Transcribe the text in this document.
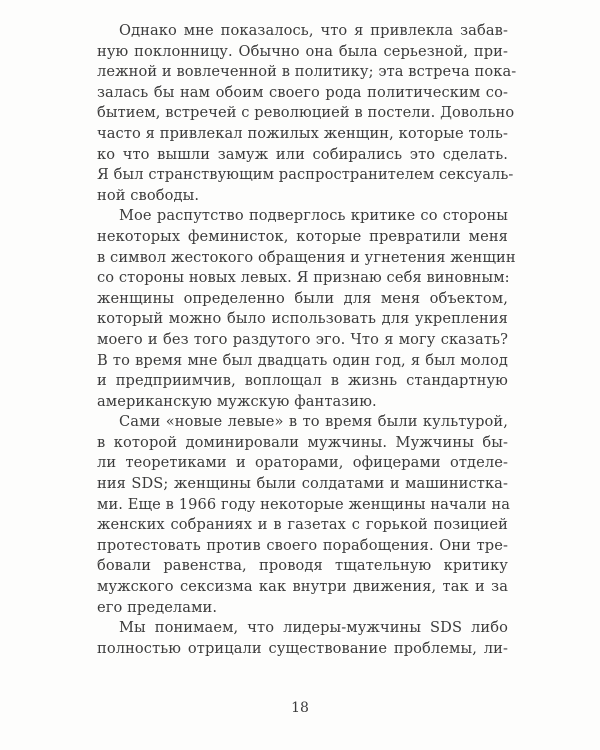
Однако мне показалось, что я привлекла забав-
ную поклонницу. Обычно она была серьезной, при-
лежной и вовлеченной в политику; эта встреча пока-
залась бы нам обоим своего рода политическим со-
бытием, встречей с революцией в постели. Довольно
часто я привлекал пожилых женщин, которые толь-
ко что вышли замуж или собирались это сделать.
Я был странствующим распространителем сексуаль-
ной свободы.
Мое распутство подверглось критике со стороны
некоторых феминисток, которые превратили меня
в символ жестокого обращения и угнетения женщин
со стороны новых левых. Я признаю себя виновным:
женщины определенно были для меня объектом,
который можно было использовать для укрепления
моего и без того раздутого эго. Что я могу сказать?
В то время мне был двадцать один год, я был молод
и предприимчив, воплощал в жизнь стандартную
американскую мужскую фантазию.
Сами «новые левые» в то время были культурой,
в которой доминировали мужчины. Мужчины бы-
ли теоретиками и ораторами, офицерами отделе-
ния SDS; женщины были солдатами и машинистка-
ми. Еще в 1966 году некоторые женщины начали на
женских собраниях и в газетах с горькой позицией
протестовать против своего порабощения. Они тре-
бовали равенства, проводя тщательную критику
мужского сексизма как внутри движения, так и за
его пределами.
Мы понимаем, что лидеры-мужчины SDS либо
полностью отрицали существование проблемы, ли-
18
